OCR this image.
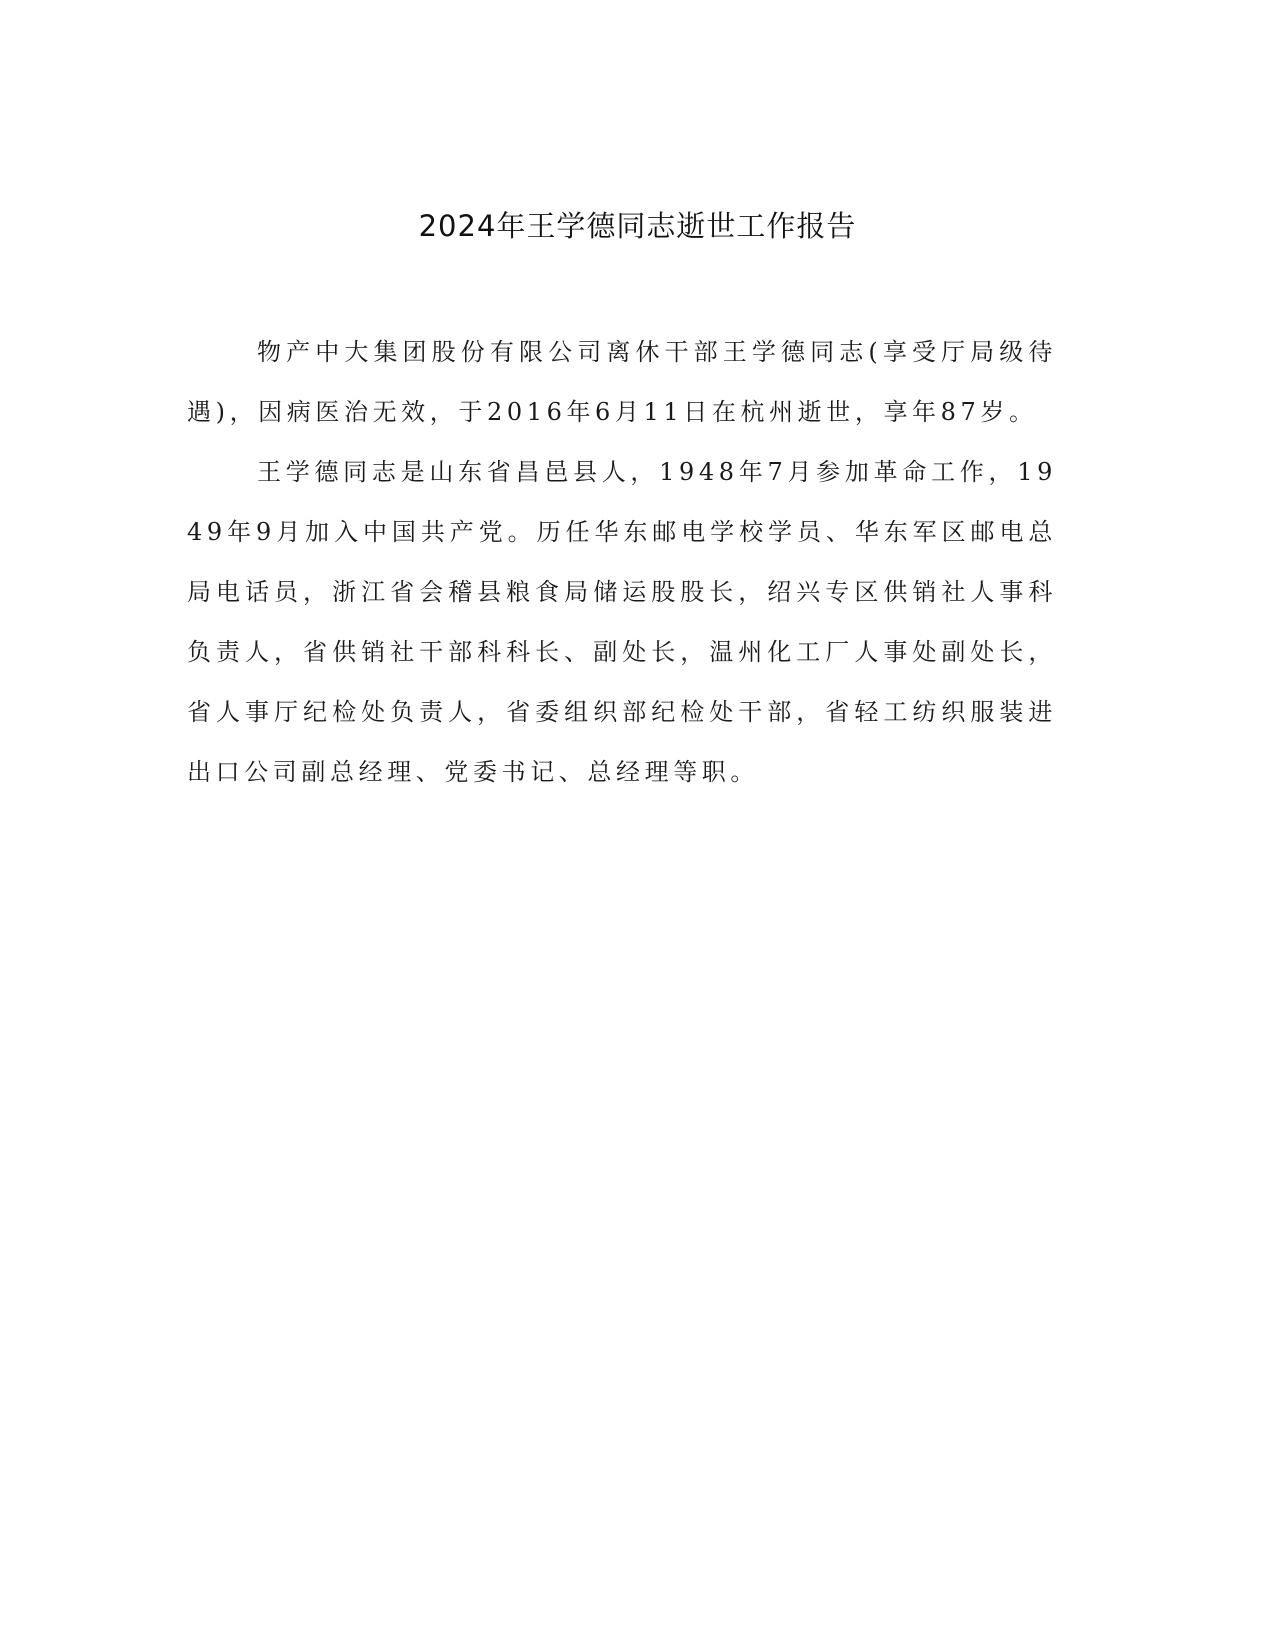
2024年王学德同志逝世工作报告

物产中大集团股份有限公司离休干部王学德同志(享受厅局级待遇)，因病医治无效，于2016年6月11日在杭州逝世，享年87岁。

王学德同志是山东省昌邑县人，1948年7月参加革命工作，1949年9月加入中国共产党。历任华东邮电学校学员、华东军区邮电总局电话员，浙江省会稽县粮食局储运股股长，绍兴专区供销社人事科负责人，省供销社干部科科长、副处长，温州化工厂人事处副处长，省人事厅纪检处负责人，省委组织部纪检处干部，省轻工纺织服装进出口公司副总经理、党委书记、总经理等职。
